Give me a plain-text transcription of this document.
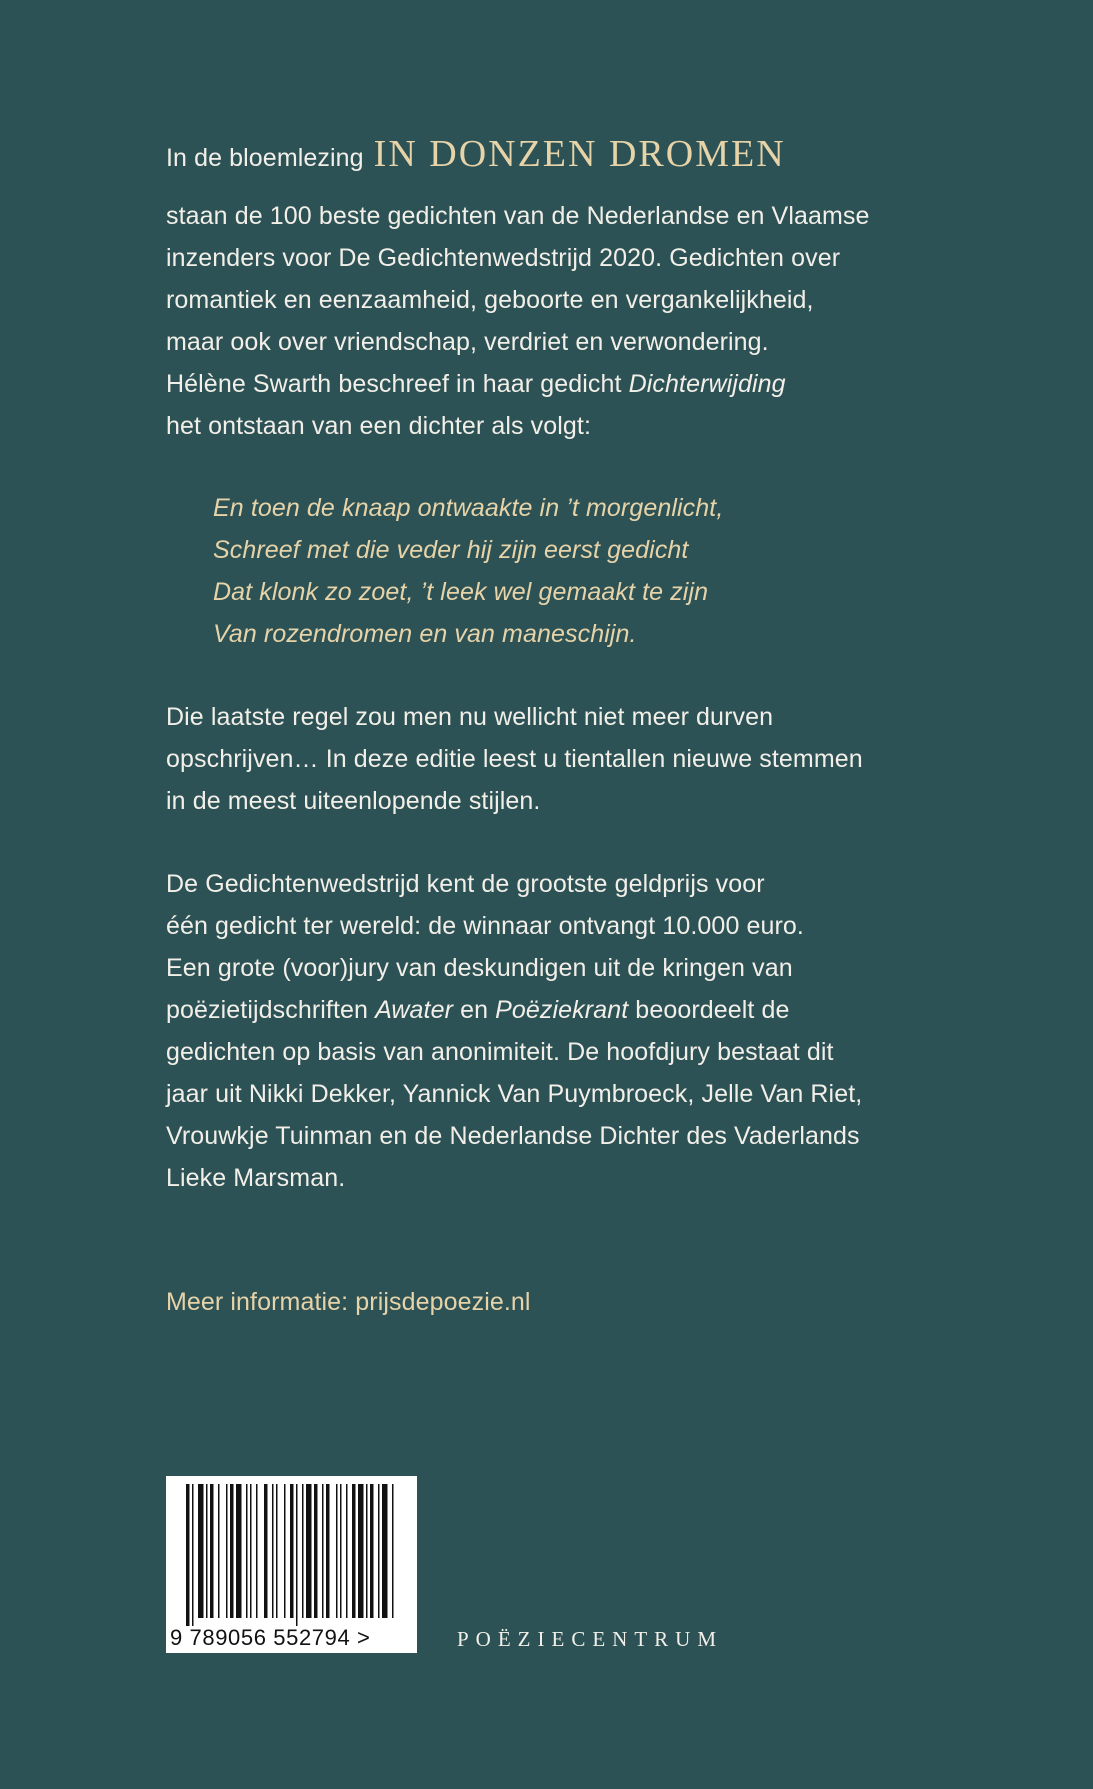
In de bloemlezing IN DONZEN DROMEN
staan de 100 beste gedichten van de Nederlandse en Vlaamse
inzenders voor De Gedichtenwedstrijd 2020. Gedichten over
romantiek en eenzaamheid, geboorte en vergankelijkheid,
maar ook over vriendschap, verdriet en verwondering.
Hélène Swarth beschreef in haar gedicht Dichterwijding
het ontstaan van een dichter als volgt:
En toen de knaap ontwaakte in ’t morgenlicht,
Schreef met die veder hij zijn eerst gedicht
Dat klonk zo zoet, ’t leek wel gemaakt te zijn
Van rozendromen en van maneschijn.
Die laatste regel zou men nu wellicht niet meer durven
opschrijven… In deze editie leest u tientallen nieuwe stemmen
in de meest uiteenlopende stijlen.
De Gedichtenwedstrijd kent de grootste geldprijs voor
één gedicht ter wereld: de winnaar ontvangt 10.000 euro.
Een grote (voor)jury van deskundigen uit de kringen van
poëzietijdschriften Awater en Poëziekrant beoordeelt de
gedichten op basis van anonimiteit. De hoofdjury bestaat dit
jaar uit Nikki Dekker, Yannick Van Puymbroeck, Jelle Van Riet,
Vrouwkje Tuinman en de Nederlandse Dichter des Vaderlands
Lieke Marsman.
Meer informatie: prijsdepoezie.nl
9 789056 552794 >	POËZIECENTRUM
